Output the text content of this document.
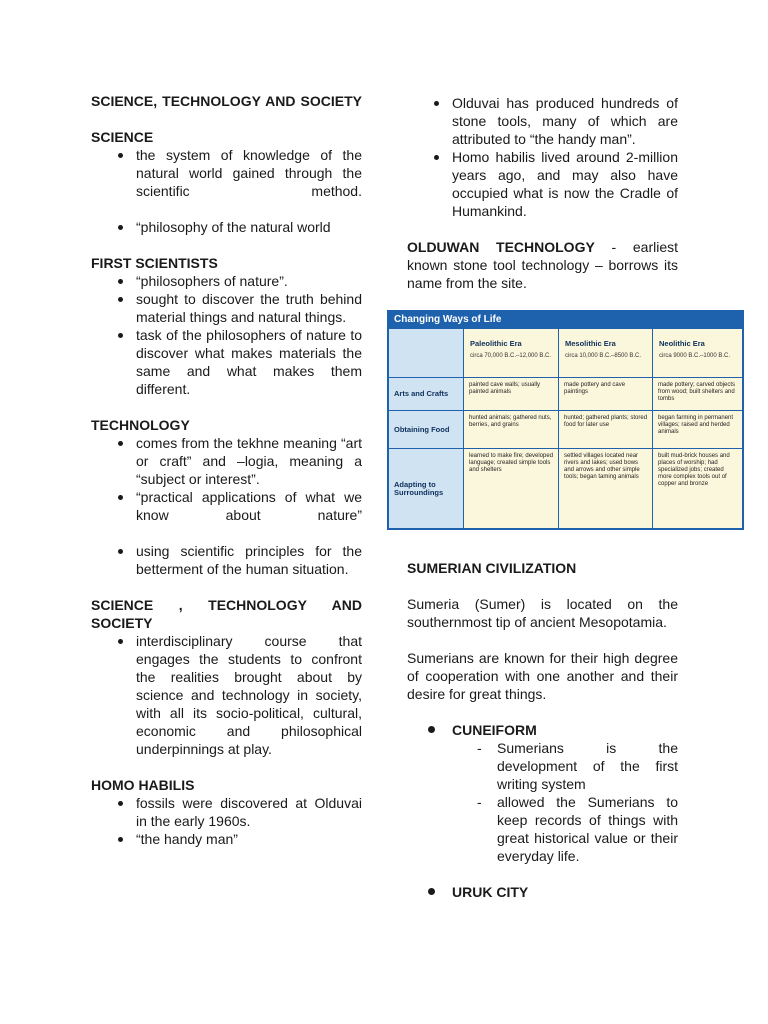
SCIENCE, TECHNOLOGY AND SOCIETY
SCIENCE
the system of knowledge of the natural world gained through the scientific method.
“philosophy of the natural world
FIRST SCIENTISTS
“philosophers of nature”.
sought to discover the truth behind material things and natural things.
task of the philosophers of nature to discover what makes materials the same and what makes them different.
TECHNOLOGY
comes from the tekhne meaning “art or craft” and –logia, meaning a “subject or interest”.
“practical applications of what we know about nature”
using scientific principles for the betterment of the human situation.
SCIENCE , TECHNOLOGY AND SOCIETY
interdisciplinary course that engages the students to confront the realities brought about by science and technology in society, with all its socio-political, cultural, economic and philosophical underpinnings at play.
HOMO HABILIS
fossils were discovered at Olduvai in the early 1960s.
“the handy man”
Olduvai has produced hundreds of stone tools, many of which are attributed to “the handy man”.
Homo habilis lived around 2-million years ago, and may also have occupied what is now the Cradle of Humankind.

OLDUWAN TECHNOLOGY - earliest known stone tool technology – borrows its name from the site.

Changing Ways of Life
Paleolithic Era
circa 70,000 B.C.–12,000 B.C.
Mesolithic Era
circa 10,000 B.C.–8500 B.C.
Neolithic Era
circa 9000 B.C.–1000 B.C.
Arts and Crafts
painted cave walls; usually painted animals
made pottery and cave paintings
made pottery; carved objects from wood; built shelters and tombs
Obtaining Food
hunted animals; gathered nuts, berries, and grains
hunted; gathered plants; stored food for later use
began farming in permanent villages; raised and herded animals
Adapting to Surroundings
learned to make fire; developed language; created simple tools and shelters
settled villages located near rivers and lakes; used bows and arrows and other simple tools; began taming animals
built mud-brick houses and places of worship; had specialized jobs; created more complex tools out of copper and bronze
SUMERIAN CIVILIZATION

Sumeria (Sumer) is located on the southernmost tip of ancient Mesopotamia.

Sumerians are known for their high degree of cooperation with one another and their desire for great things.

CUNEIFORM
- Sumerians is the development of the first writing system
- allowed the Sumerians to keep records of things with great historical value or their everyday life.
URUK CITY
